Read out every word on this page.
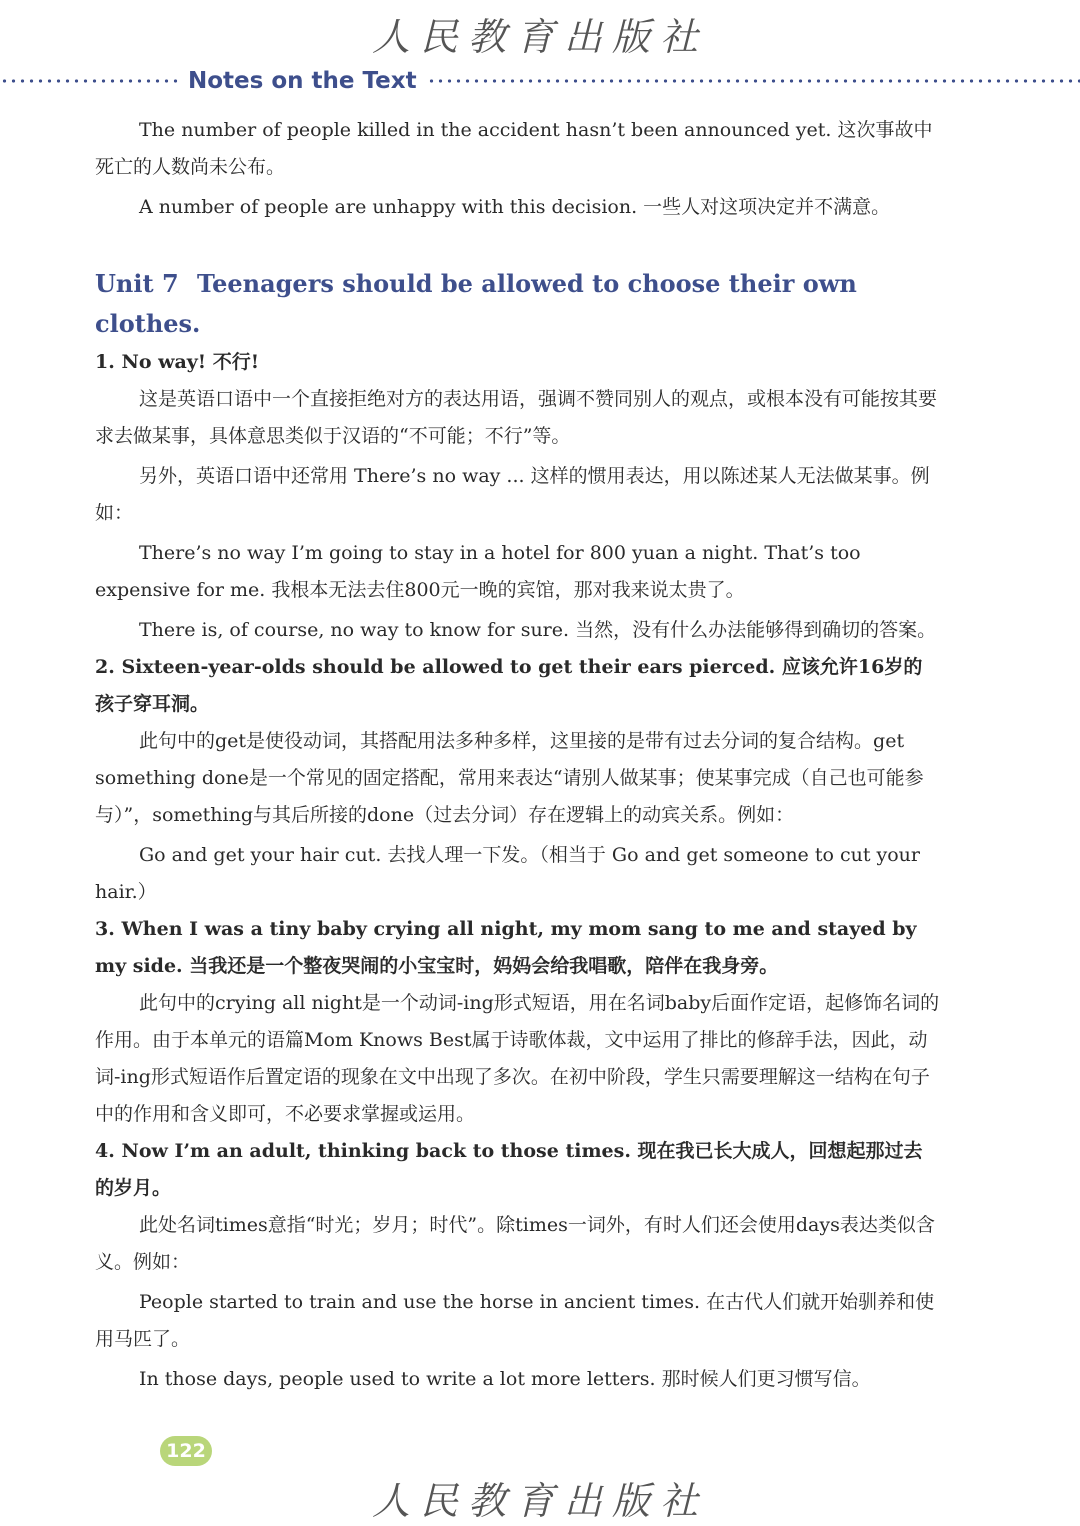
人民教育出版社
Notes on the Text

The number of people killed in the accident hasn’t been announced yet. 这次事故中死亡的人数尚未公布。

A number of people are unhappy with this decision. 一些人对这项决定并不满意。

Unit 7 Teenagers should be allowed to choose their own clothes.

1. No way! 不行!

这是英语口语中一个直接拒绝对方的表达用语，强调不赞同别人的观点，或根本没有可能按其要求去做某事，具体意思类似于汉语的“不可能；不行”等。

另外，英语口语中还常用 There’s no way ... 这样的惯用表达，用以陈述某人无法做某事。例如：

There’s no way I’m going to stay in a hotel for 800 yuan a night. That’s too expensive for me. 我根本无法去住800元一晚的宾馆，那对我来说太贵了。

There is, of course, no way to know for sure. 当然，没有什么办法能够得到确切的答案。

2. Sixteen-year-olds should be allowed to get their ears pierced. 应该允许16岁的孩子穿耳洞。

此句中的get是使役动词，其搭配用法多种多样，这里接的是带有过去分词的复合结构。get something done是一个常见的固定搭配，常用来表达“请别人做某事；使某事完成（自己也可能参与）”，something与其后所接的done（过去分词）存在逻辑上的动宾关系。例如：

Go and get your hair cut. 去找人理一下发。（相当于 Go and get someone to cut your hair.）

3. When I was a tiny baby crying all night, my mom sang to me and stayed by my side. 当我还是一个整夜哭闹的小宝宝时，妈妈会给我唱歌，陪伴在我身旁。

此句中的crying all night是一个动词-ing形式短语，用在名词baby后面作定语，起修饰名词的作用。由于本单元的语篇Mom Knows Best属于诗歌体裁，文中运用了排比的修辞手法，因此，动词-ing形式短语作后置定语的现象在文中出现了多次。在初中阶段，学生只需要理解这一结构在句子中的作用和含义即可，不必要求掌握或运用。

4. Now I’m an adult, thinking back to those times. 现在我已长大成人，回想起那过去的岁月。

此处名词times意指“时光；岁月；时代”。除times一词外，有时人们还会使用days表达类似含义。例如：

People started to train and use the horse in ancient times. 在古代人们就开始驯养和使用马匹了。

In those days, people used to write a lot more letters. 那时候人们更习惯写信。

122
人民教育出版社
